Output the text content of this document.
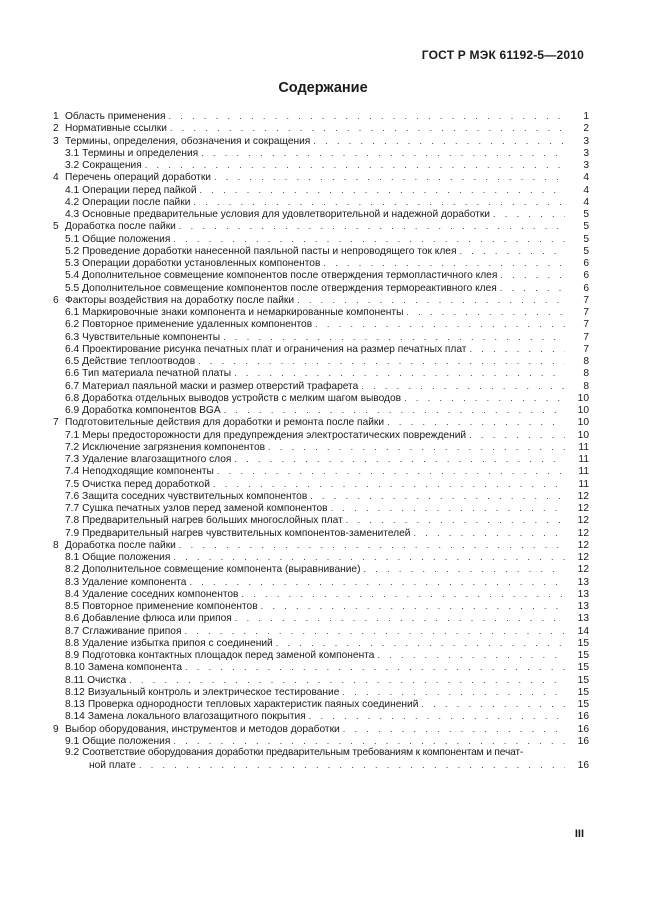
ГОСТ Р МЭК 61192-5—2010
Содержание
1 Область применения . . .	1
2 Нормативные ссылки . . .	2
3 Термины, определения, обозначения и сокращения . . .	3
3.1 Термины и определения . . .	3
3.2 Сокращения . . .	3
4 Перечень операций доработки . . .	4
4.1 Операции перед пайкой . . .	4
4.2 Операции после пайки . . .	4
4.3 Основные предварительные условия для удовлетворительной и надежной доработки . . .	5
5 Доработка после пайки . . .	5
5.1 Общие положения . . .	5
5.2 Проведение доработки нанесенной паяльной пасты и непроводящего ток клея . . .	5
5.3 Операции доработки установленных компонентов . . .	6
5.4 Дополнительное совмещение компонентов после отверждения термопластичного клея . . .	6
5.5 Дополнительное совмещение компонентов после отверждения термореактивного клея . . .	6
6 Факторы воздействия на доработку после пайки . . .	7
6.1 Маркировочные знаки компонента и немаркированные компоненты . . .	7
6.2 Повторное применение удаленных компонентов . . .	7
6.3 Чувствительные компоненты . . .	7
6.4 Проектирование рисунка печатных плат и ограничения на размер печатных плат . . .	7
6.5 Действие теплоотводов . . .	8
6.6 Тип материала печатной платы . . .	8
6.7 Материал паяльной маски и размер отверстий трафарета . . .	8
6.8 Доработка отдельных выводов устройств с мелким шагом выводов . . .	10
6.9 Доработка компонентов BGA . . .	10
7 Подготовительные действия для доработки и ремонта после пайки . . .	10
7.1 Меры предосторожности для предупреждения электростатических повреждений . . .	10
7.2 Исключение загрязнения компонентов . . .	11
7.3 Удаление влагозащитного слоя . . .	11
7.4 Неподходящие компоненты . . .	11
7.5 Очистка перед доработкой . . .	11
7.6 Защита соседних чувствительных компонентов . . .	12
7.7 Сушка печатных узлов перед заменой компонентов . . .	12
7.8 Предварительный нагрев больших многослойных плат . . .	12
7.9 Предварительный нагрев чувствительных компонентов-заменителей . . .	12
8 Доработка после пайки . . .	12
8.1 Общие положения . . .	12
8.2 Дополнительное совмещение компонента (выравнивание) . . .	12
8.3 Удаление компонента . . .	13
8.4 Удаление соседних компонентов . . .	13
8.5 Повторное применение компонентов . . .	13
8.6 Добавление флюса или припоя . . .	13
8.7 Сглаживание припоя . . .	14
8.8 Удаление избытка припоя с соединений . . .	15
8.9 Подготовка контактных площадок перед заменой компонента . . .	15
8.10 Замена компонента . . .	15
8.11 Очистка . . .	15
8.12 Визуальный контроль и электрическое тестирование . . .	15
8.13 Проверка однородности тепловых характеристик паяных соединений . . .	15
8.14 Замена локального влагозащитного покрытия . . .	16
9 Выбор оборудования, инструментов и методов доработки . . .	16
9.1 Общие положения . . .	16
9.2 Соответствие оборудования доработки предварительным требованиям к компонентам и печат-
ной плате . . .	16
III
